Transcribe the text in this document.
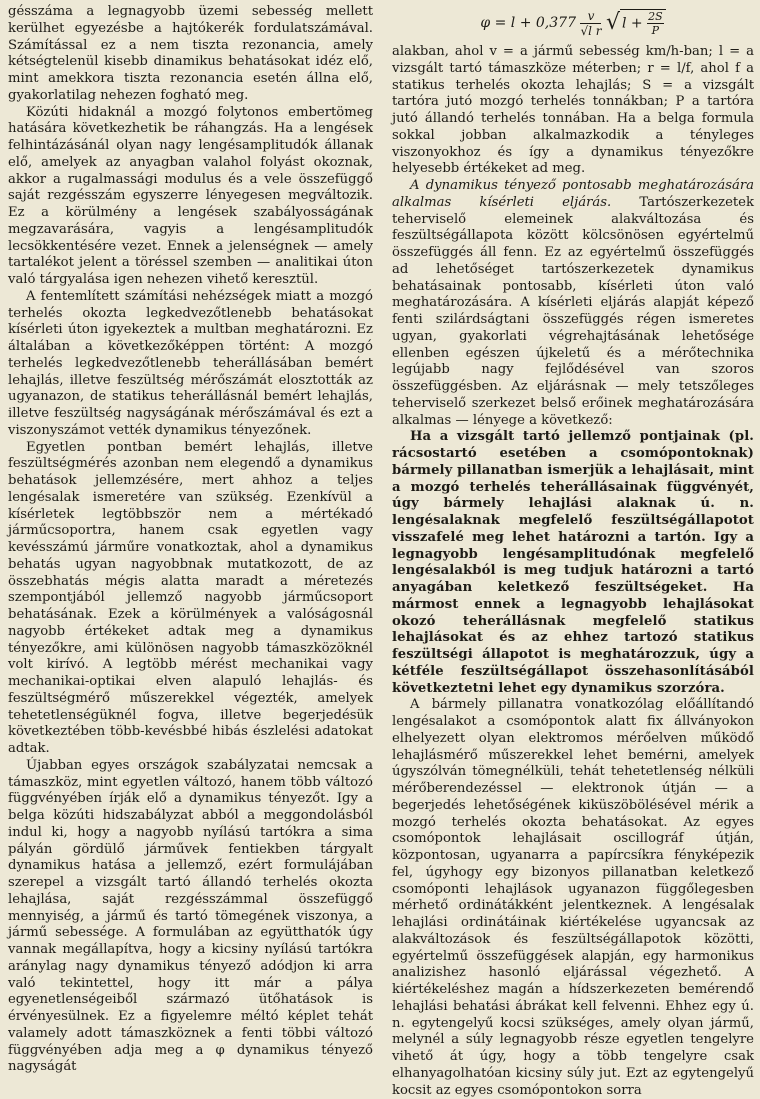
gésszáma a legnagyobb üzemi sebesség mellett kerülhet egyezésbe a hajtókerék fordulatszámával. Számítással ez a nem tiszta rezonancia, amely kétségtelenül kisebb dinamikus behatásokat idéz elő, mint amekkora tiszta rezonancia esetén állna elő, gyakorlatilag nehezen fogható meg.

Közúti hidaknál a mozgó folytonos embertömeg hatására következhetik be ráhangzás. Ha a lengések felhintázásánál olyan nagy lengésamplitudók állanak elő, amelyek az anyagban valahol folyást okoznak, akkor a rugalmassági modulus és a vele összefüggő saját rezgésszám egyszerre lényegesen megváltozik. Ez a körülmény a lengések szabályosságának megzavarására, vagyis a lengésamplitudók lecsökkentésére vezet. Ennek a jelenségnek — amely tartalékot jelent a töréssel szemben — analitikai úton való tárgyalása igen nehezen vihető keresztül.

A fentemlített számítási nehézségek miatt a mozgó terhelés okozta legkedvezőtlenebb behatásokat kísérleti úton igyekeztek a multban meghatározni. Ez általában a következőképpen történt: A mozgó terhelés legkedvezőtlenebb teherállásában bemért lehajlás, illetve feszültség mérőszámát elosztották az ugyanazon, de statikus teherállásnál bemért lehajlás, illetve feszültség nagyságának mérőszámával és ezt a viszonyszámot vették dynamikus tényezőnek.

Egyetlen pontban bemért lehajlás, illetve feszültségmérés azonban nem elegendő a dynamikus behatások jellemzésére, mert ahhoz a teljes lengésalak ismeretére van szükség. Ezenkívül a kísérletek legtöbbször nem a mértékadó járműcsoportra, hanem csak egyetlen vagy kevésszámú járműre vonatkoztak, ahol a dynamikus behatás ugyan nagyobbnak mutatkozott, de az összebhatás mégis alatta maradt a méretezés szempontjából jellemző nagyobb járműcsoport behatásának. Ezek a körülmények a valóságosnál nagyobb értékeket adtak meg a dynamikus tényezőkre, ami különösen nagyobb támaszközöknél volt kirívó. A legtöbb mérést mechanikai vagy mechanikai-optikai elven alapuló lehajlás- és feszültségmérő műszerekkel végezték, amelyek tehetetlenségüknél fogva, illetve begerjedésük következtében több-kevésbbé hibás észlelési adatokat adtak.

Újabban egyes országok szabályzatai nemcsak a támaszköz, mint egyetlen változó, hanem több változó függvényében írják elő a dynamikus tényezőt. Igy a belga közúti hidszabályzat abból a meggondolásból indul ki, hogy a nagyobb nyílású tartókra a sima pályán gördülő járművek fentiekben tárgyalt dynamikus hatása a jellemző, ezért formulájában szerepel a vizsgált tartó állandó terhelés okozta lehajlása, saját rezgésszámmal összefüggő mennyiség, a jármű és tartó tömegének viszonya, a jármű sebessége. A formulában az együtthatók úgy vannak megállapítva, hogy a kicsiny nyílású tartókra aránylag nagy dynamikus tényező adódjon ki arra való tekintettel, hogy itt már a pálya egyenetlenségeiből származó ütőhatások is érvényesülnek. Ez a figyelemre méltó képlet tehát valamely adott támaszköznek a fenti többi változó függvényében adja meg a φ dynamikus tényező nagyságát

$\varphi = l + 0,377 \frac{v}{\text{√l r}}$ √ $l + \frac{2S}{P}$

alakban, ahol v = a jármű sebesség km/h-ban; l = a vizsgált tartó támaszköze méterben; r = l/f, ahol f a statikus terhelés okozta lehajlás; S = a vizsgált tartóra jutó mozgó terhelés tonnákban; P a tartóra jutó állandó terhelés tonnában. Ha a belga formula sokkal jobban alkalmazkodik a tényleges viszonyokhoz és így a dynamikus tényezőkre helyesebb értékeket ad meg.

A dynamikus tényező pontosabb meghatározására alkalmas kísérleti eljárás. Tartószerkezetek teherviselő elemeinek alakváltozása és feszültségállapota között kölcsönösen egyértelmű összefüggés áll fenn. Ez az egyértelmű összefüggés ad lehetőséget tartószerkezetek dynamikus behatásainak pontosabb, kísérleti úton való meghatározására. A kísérleti eljárás alapját képező fenti szilárdságtani összefüggés régen ismeretes ugyan, gyakorlati végrehajtásának lehetősége ellenben egészen újkeletű és a mérőtechnika legújabb nagy fejlődésével van szoros összefüggésben. Az eljárásnak — mely tetszőleges teherviselő szerkezet belső erőinek meghatározására alkalmas — lényege a következő:

Ha a vizsgált tartó jellemző pontjainak (pl. rácsostartó esetében a csomópontoknak) bármely pillanatban ismerjük a lehajlásait, mint a mozgó terhelés teherállásainak függvényét, úgy bármely lehajlási alaknak ú. n. lengésalaknak megfelelő feszültségállapotot visszafelé meg lehet határozni a tartón. Igy a legnagyobb lengésamplitudónak megfelelő lengésalakból is meg tudjuk határozni a tartó anyagában keletkező feszültségeket. Ha mármost ennek a legnagyobb lehajlásokat okozó teherállásnak megfelelő statikus lehajlásokat és az ehhez tartozó statikus feszültségi állapotot is meghatározzuk, úgy a kétféle feszültségállapot összehasonlításából következtetni lehet egy dynamikus szorzóra.

A bármely pillanatra vonatkozólag előállítandó lengésalakot a csomópontok alatt fix állványokon elhelyezett olyan elektromos mérőelven működő lehajlásmérő műszerekkel lehet bemérni, amelyek úgyszólván tömegnélküli, tehát tehetetlenség nélküli mérőberendezéssel — elektronok útján — a begerjedés lehetőségének kiküszöbölésével mérik a mozgó terhelés okozta behatásokat. Az egyes csomópontok lehajlásait oscillográf útján, központosan, ugyanarra a papírcsíkra fényképezik fel, úgyhogy egy bizonyos pillanatban keletkező csomóponti lehajlások ugyanazon függőlegesben mérhető ordinátákként jelentkeznek. A lengésalak lehajlási ordinátáinak kiértékelése ugyancsak az alakváltozások és feszültségállapotok közötti, egyértelmű összefüggések alapján, egy harmonikus analizishez hasonló eljárással végezhető. A kiértékeléshez magán a hídszerkezeten bemérendő lehajlási behatási ábrákat kell felvenni. Ehhez egy ú. n. egytengelyű kocsi szükséges, amely olyan jármű, melynél a súly legnagyobb része egyetlen tengelyre vihető át úgy, hogy a több tengelyre csak elhanyagolhatóan kicsiny súly jut. Ezt az egytengelyű kocsit az egyes csomópontokon sorra
